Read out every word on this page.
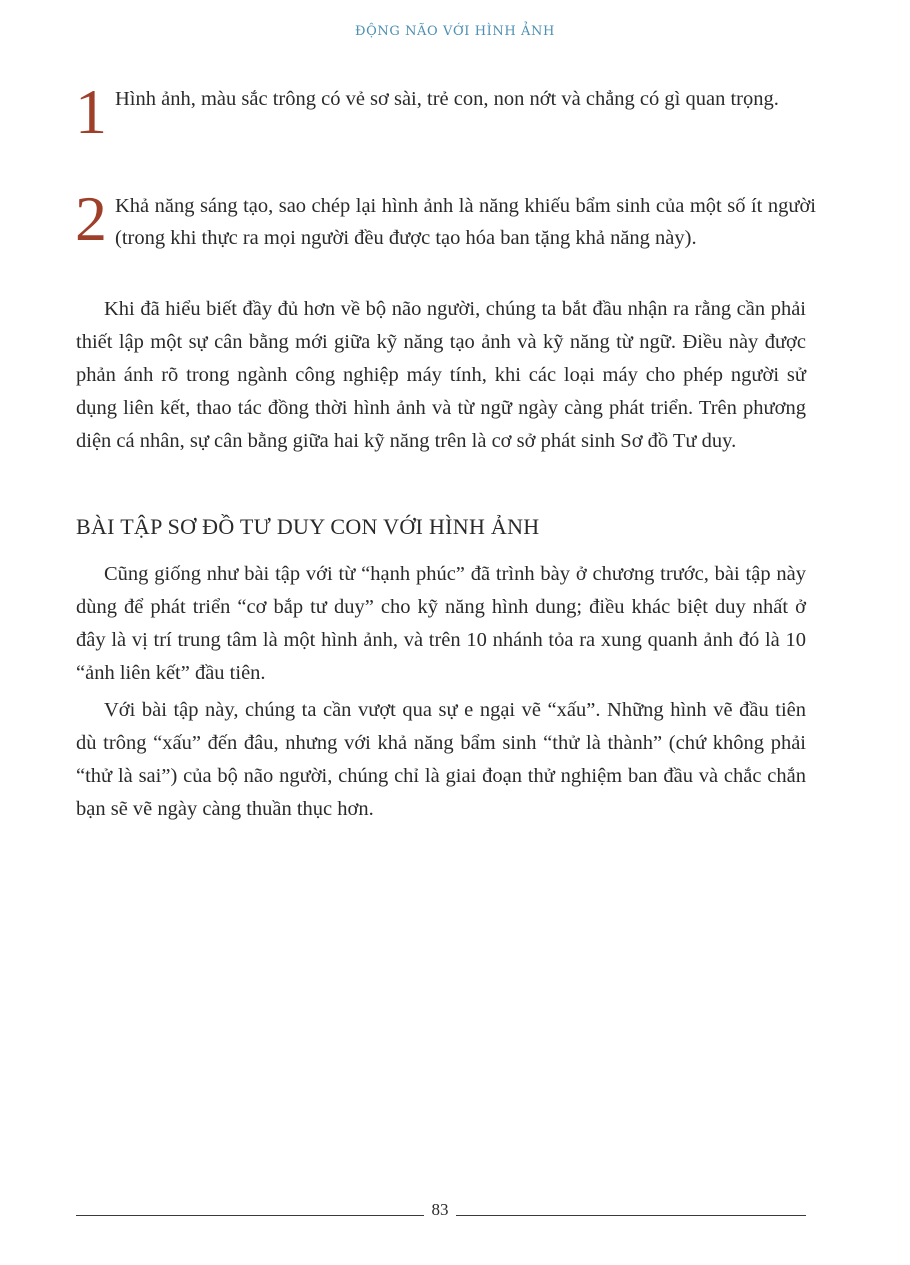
ĐỘNG NÃO VỚI HÌNH ẢNH
1 Hình ảnh, màu sắc trông có vẻ sơ sài, trẻ con, non nớt và chẳng có gì quan trọng.
2 Khả năng sáng tạo, sao chép lại hình ảnh là năng khiếu bẩm sinh của một số ít người (trong khi thực ra mọi người đều được tạo hóa ban tặng khả năng này).

Khi đã hiểu biết đầy đủ hơn về bộ não người, chúng ta bắt đầu nhận ra rằng cần phải thiết lập một sự cân bằng mới giữa kỹ năng tạo ảnh và kỹ năng từ ngữ. Điều này được phản ánh rõ trong ngành công nghiệp máy tính, khi các loại máy cho phép người sử dụng liên kết, thao tác đồng thời hình ảnh và từ ngữ ngày càng phát triển. Trên phương diện cá nhân, sự cân bằng giữa hai kỹ năng trên là cơ sở phát sinh Sơ đồ Tư duy.

BÀI TẬP SƠ ĐỒ TƯ DUY CON VỚI HÌNH ẢNH

Cũng giống như bài tập với từ “hạnh phúc” đã trình bày ở chương trước, bài tập này dùng để phát triển “cơ bắp tư duy” cho kỹ năng hình dung; điều khác biệt duy nhất ở đây là vị trí trung tâm là một hình ảnh, và trên 10 nhánh tỏa ra xung quanh ảnh đó là 10 “ảnh liên kết” đầu tiên.

Với bài tập này, chúng ta cần vượt qua sự e ngại vẽ “xấu”. Những hình vẽ đầu tiên dù trông “xấu” đến đâu, nhưng với khả năng bẩm sinh “thử là thành” (chứ không phải “thử là sai”) của bộ não người, chúng chỉ là giai đoạn thử nghiệm ban đầu và chắc chắn bạn sẽ vẽ ngày càng thuần thục hơn.

83
